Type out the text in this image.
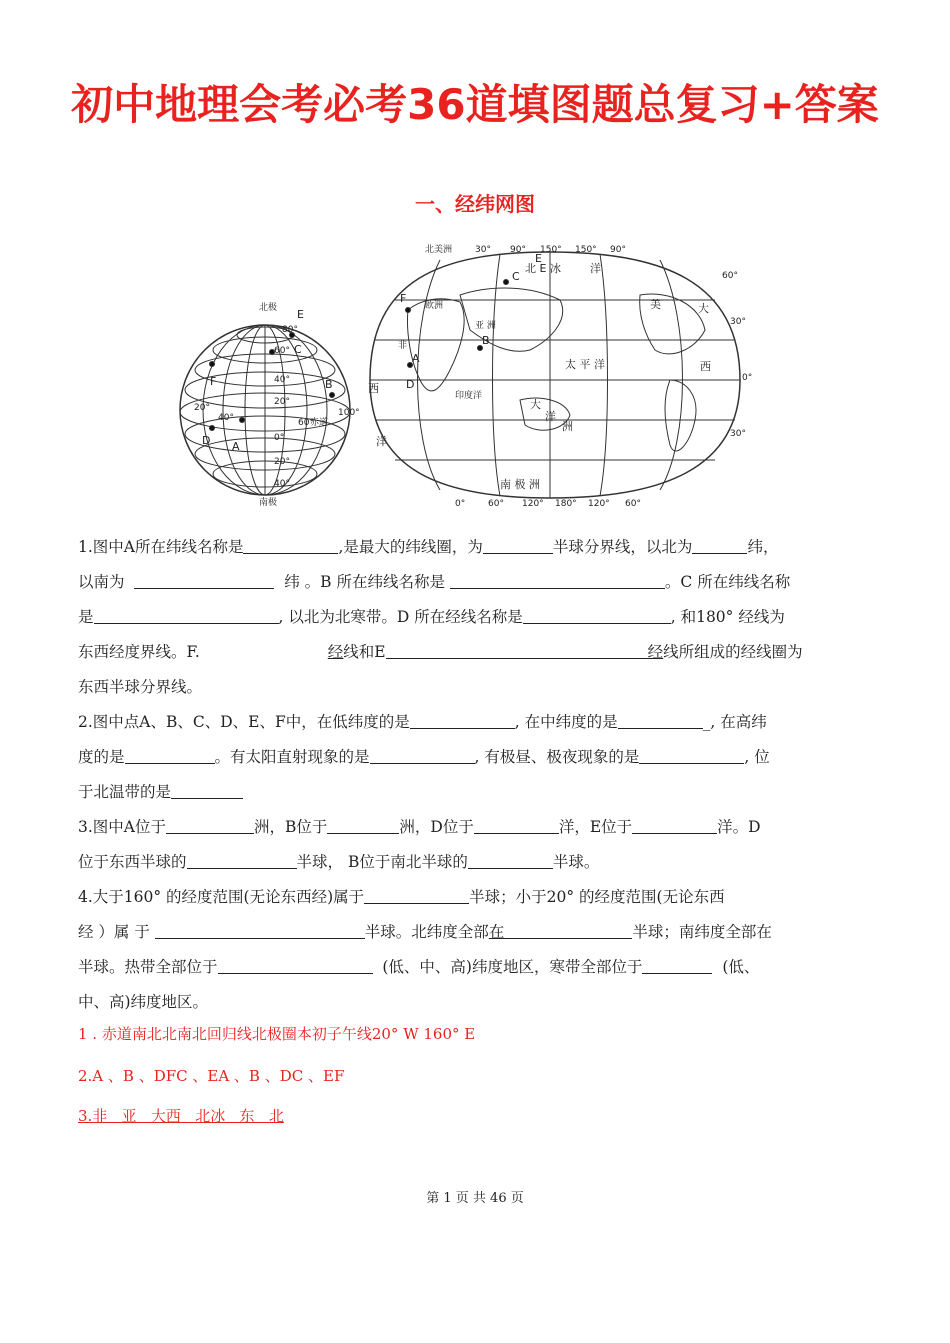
初中地理会考必考36道填图题总复习+答案
一、经纬网图
北极
南极
赤道
80°
60°
40°
20°
0°
20°
40°
20°
40°	60°
100°
F	B
C
E
D A
北美洲	30° 90° 150° 150° 90°
北 E 冰	洋
欧洲
亚 洲
非
印度洋
太 平 洋
南 极 洲
美
西
大
60°
30°
0°
30°
洋
西
洲
大
洋
0°	60° 120° 180° 120° 60°
C
B
A
F
D
E

1.图中A所在纬线名称是	,是最大的纬线圈，为	半球分界线，以北为	纬，

以南为	纬 。B 所在纬线名称是	。C 所在纬线名称

是	, 以北为北寒带。D 所在经线名称是	, 和180° 经线为

东西经度界线。F.	经线和E	经线所组成的经线圈为

东西半球分界线。

2.图中点A、B、C、D、E、F中，在低纬度的是	, 在中纬度的是	_, 在高纬

度的是	。有太阳直射现象的是	, 有极昼、极夜现象的是	, 位

于北温带的是

3.图中A位于	洲，B位于	洲，D位于	洋，E位于	洋。D

位于东西半球的	半球， B位于南北半球的	半球。

4.大于160° 的经度范围(无论东西经)属于	半球；小于20° 的经度范围(无论东西

经 ）属 于	半球。北纬度全部在	半球；南纬度全部在

半球。热带全部位于	(低、中、高)纬度地区，寒带全部位于	(低、

中、高)纬度地区。

1 . 赤道南北北南北回归线北极圈本初子午线20° W 160° E
2.A 、B 、DFC 、EA 、B 、DC 、EF
3.非   亚   大西   北冰   东   北
第 1 页 共 46 页
